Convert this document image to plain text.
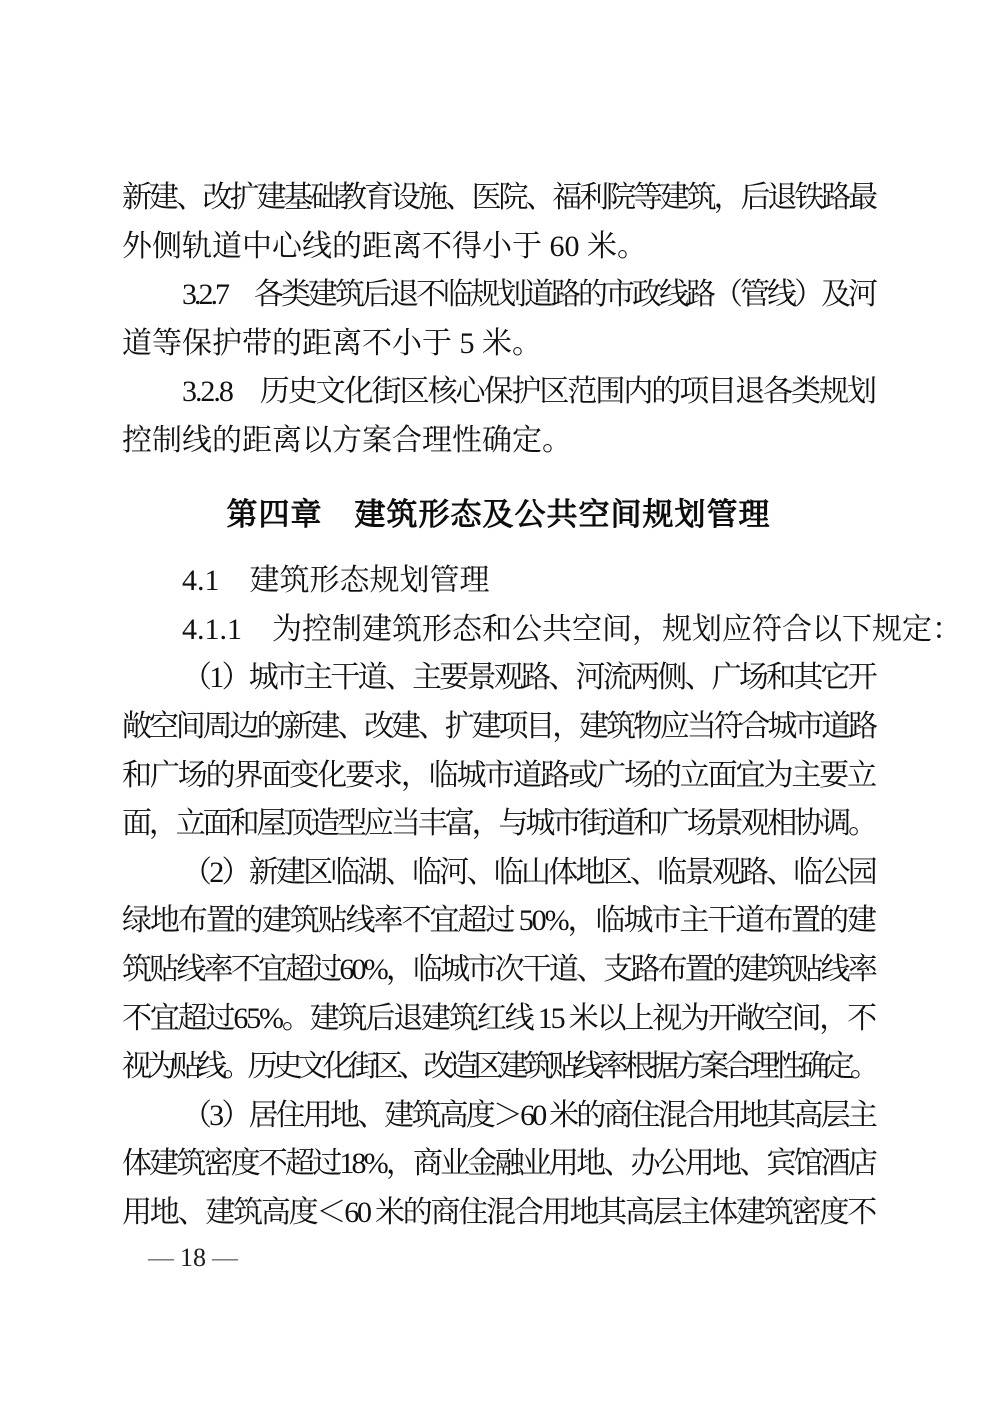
新建、改扩建基础教育设施、医院、福利院等建筑，后退铁路最
外侧轨道中心线的距离不得小于 60 米。
3.2.7　各类建筑后退不临规划道路的市政线路（管线）及河
道等保护带的距离不小于 5 米。
3.2.8　历史文化街区核心保护区范围内的项目退各类规划
控制线的距离以方案合理性确定。
第四章　建筑形态及公共空间规划管理
4.1　建筑形态规划管理
4.1.1　为控制建筑形态和公共空间，规划应符合以下规定：
（1）城市主干道、主要景观路、河流两侧、广场和其它开
敞空间周边的新建、改建、扩建项目，建筑物应当符合城市道路
和广场的界面变化要求，临城市道路或广场的立面宜为主要立
面，立面和屋顶造型应当丰富，与城市街道和广场景观相协调。
（2）新建区临湖、临河、临山体地区、临景观路、临公园
绿地布置的建筑贴线率不宜超过 50%，临城市主干道布置的建
筑贴线率不宜超过60%，临城市次干道、支路布置的建筑贴线率
不宜超过65%。建筑后退建筑红线 15 米以上视为开敞空间，不
视为贴线。历史文化街区、改造区建筑贴线率根据方案合理性确定。
（3）居住用地、建筑高度＞60 米的商住混合用地其高层主
体建筑密度不超过18%，商业金融业用地、办公用地、宾馆酒店
用地、建筑高度＜60 米的商住混合用地其高层主体建筑密度不
— 18 —
